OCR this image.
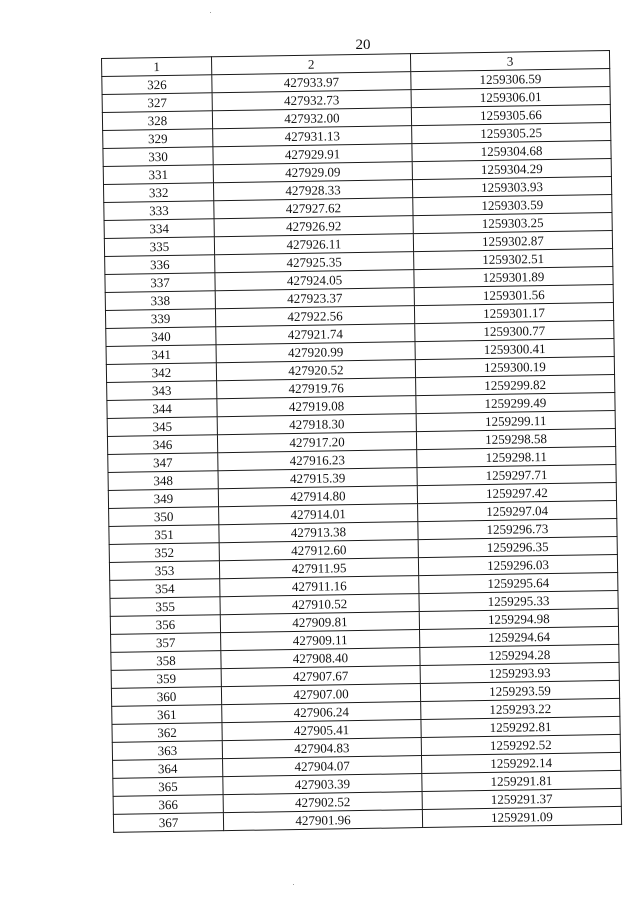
20
1	2	3
326	427933.97	1259306.59
327	427932.73	1259306.01
328	427932.00	1259305.66
329	427931.13	1259305.25
330	427929.91	1259304.68
331	427929.09	1259304.29
332	427928.33	1259303.93
333	427927.62	1259303.59
334	427926.92	1259303.25
335	427926.11	1259302.87
336	427925.35	1259302.51
337	427924.05	1259301.89
338	427923.37	1259301.56
339	427922.56	1259301.17
340	427921.74	1259300.77
341	427920.99	1259300.41
342	427920.52	1259300.19
343	427919.76	1259299.82
344	427919.08	1259299.49
345	427918.30	1259299.11
346	427917.20	1259298.58
347	427916.23	1259298.11
348	427915.39	1259297.71
349	427914.80	1259297.42
350	427914.01	1259297.04
351	427913.38	1259296.73
352	427912.60	1259296.35
353	427911.95	1259296.03
354	427911.16	1259295.64
355	427910.52	1259295.33
356	427909.81	1259294.98
357	427909.11	1259294.64
358	427908.40	1259294.28
359	427907.67	1259293.93
360	427907.00	1259293.59
361	427906.24	1259293.22
362	427905.41	1259292.81
363	427904.83	1259292.52
364	427904.07	1259292.14
365	427903.39	1259291.81
366	427902.52	1259291.37
367	427901.96	1259291.09
